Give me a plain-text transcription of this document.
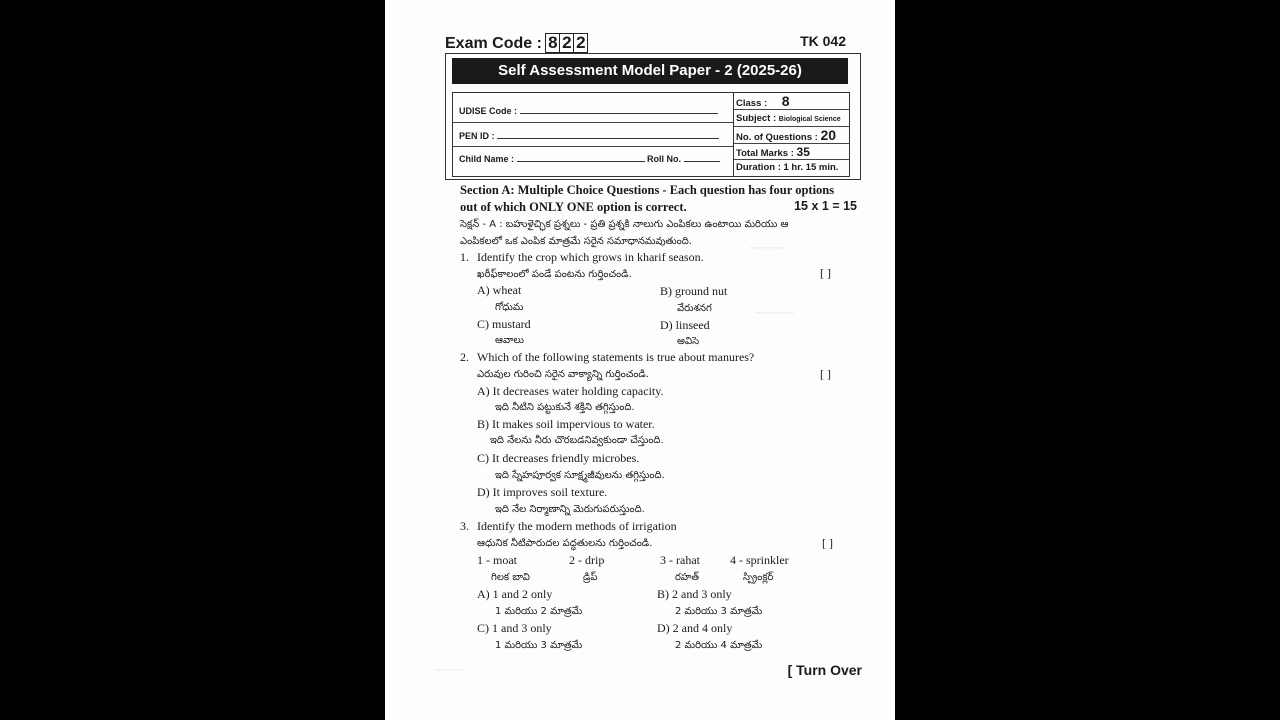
~~~~~~~
~~~~~~~~
~~~~~~
Exam Code : 8 2 2	TK 042
Self Assessment Model Paper - 2 (2025-26)
UDISE Code :
PEN ID :
Child Name :	Roll No.
Class : 8
Subject : Biological Science
No. of Questions : 20
Total Marks : 35
Duration : 1 hr. 15 min.
Section A: Multiple Choice Questions - Each question has four options
out of which ONLY ONE option is correct.	15 x 1 = 15
సెక్షన్ - A : బహుళైచ్ఛిక ప్రశ్నలు - ప్రతి ప్రశ్నకి నాలుగు ఎంపికలు ఉంటాయి మరియు ఆ
ఎంపికలలో ఒక ఎంపిక మాత్రమే సరైన సమాధానమవుతుంది.
1. Identify the crop which grows in kharif season.
ఖరీఫ్‌కాలంలో పండే పంటను గుర్తించండి.	[ ]
A) wheat
గోధుమ
B) ground nut
వేరుశనగ
C) mustard
ఆవాలు
D) linseed
అవిసె
2. Which of the following statements is true about manures?
ఎరువుల గురించి సరైన వాక్యాన్ని గుర్తించండి.	[ ]
A) It decreases water holding capacity.
ఇది నీటిని పట్టుకునే శక్తిని తగ్గిస్తుంది.
B) It makes soil impervious to water.
ఇది నేలను నీరు చొరబడనివ్వకుండా చేస్తుంది.
C) It decreases friendly microbes.
ఇది స్నేహపూర్వక సూక్ష్మజీవులను తగ్గిస్తుంది.
D) It improves soil texture.
ఇది నేల నిర్మాణాన్ని మెరుగుపరుస్తుంది.
3. Identify the modern methods of irrigation
ఆధునిక నీటిపారుదల పద్ధతులను గుర్తించండి.	[ ]
1 - moat
గిలక బావి
2 - drip
డ్రిప్
3 - rahat
రహత్
4 - sprinkler
స్ప్రింక్లర్
A) 1 and 2 only
1 మరియు 2 మాత్రమే
B) 2 and 3 only
2 మరియు 3 మాత్రమే
C) 1 and 3 only
1 మరియు 3 మాత్రమే
D) 2 and 4 only
2 మరియు 4 మాత్రమే
[ Turn Over
